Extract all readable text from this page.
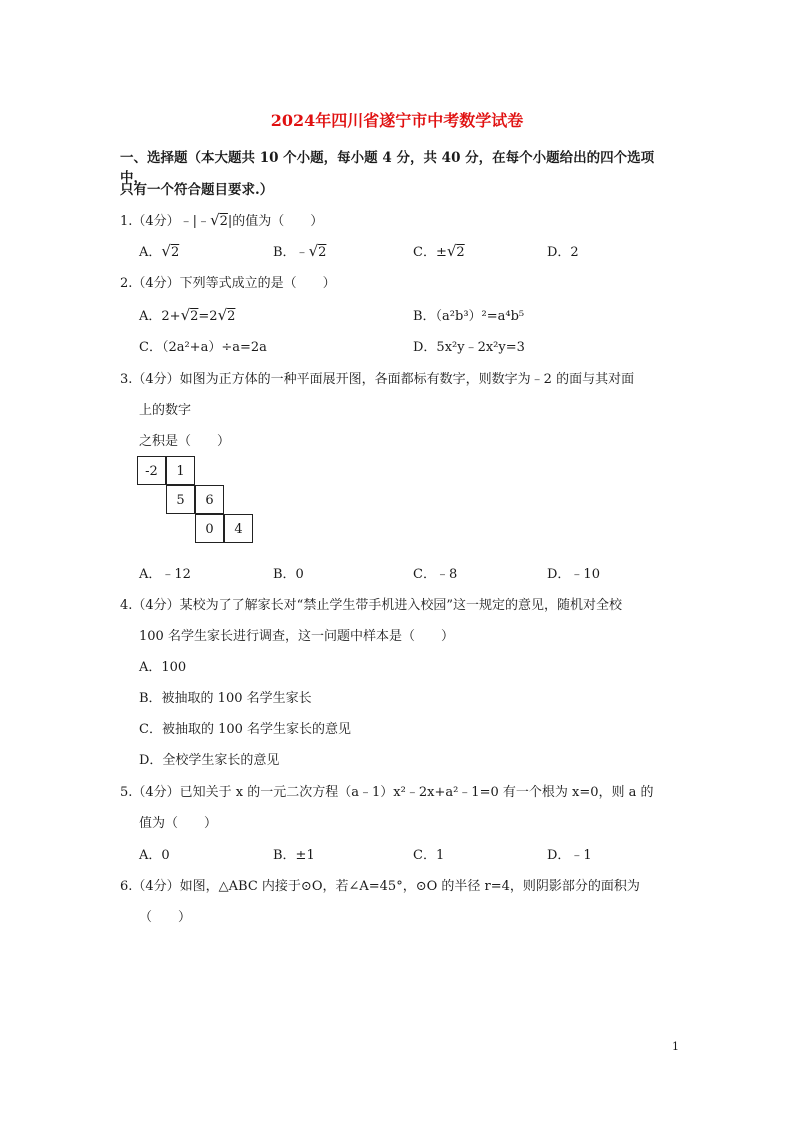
2024年四川省遂宁市中考数学试卷
一、选择题（本大题共 10 个小题，每小题 4 分，共 40 分，在每个小题给出的四个选项中，
只有一个符合题目要求.）
1.（4分）﹣|﹣√2|的值为（　　）
A．√2	B．﹣√2	C．±√2	D．2
2.（4分）下列等式成立的是（　　）
A．2+√2=2√2	B．（a²b³）²=a⁴b⁵
C．（2a²+a）÷a=2a	D．5x²y﹣2x²y=3
3.（4分）如图为正方体的一种平面展开图，各面都标有数字，则数字为﹣2 的面与其对面
上的数字
之积是（　　）
-2	1
5	6
0	4
A．﹣12	B．0	C．﹣8	D．﹣10
4.（4分）某校为了了解家长对“禁止学生带手机进入校园”这一规定的意见，随机对全校
100 名学生家长进行调查，这一问题中样本是（　　）
A．100
B．被抽取的 100 名学生家长
C．被抽取的 100 名学生家长的意见
D．全校学生家长的意见
5.（4分）已知关于 x 的一元二次方程（a﹣1）x²﹣2x+a²﹣1=0 有一个根为 x=0，则 a 的
值为（　　）
A．0	B．±1	C．1	D．﹣1
6.（4分）如图，△ABC 内接于⊙O，若∠A=45°，⊙O 的半径 r=4，则阴影部分的面积为
（　　）
1
